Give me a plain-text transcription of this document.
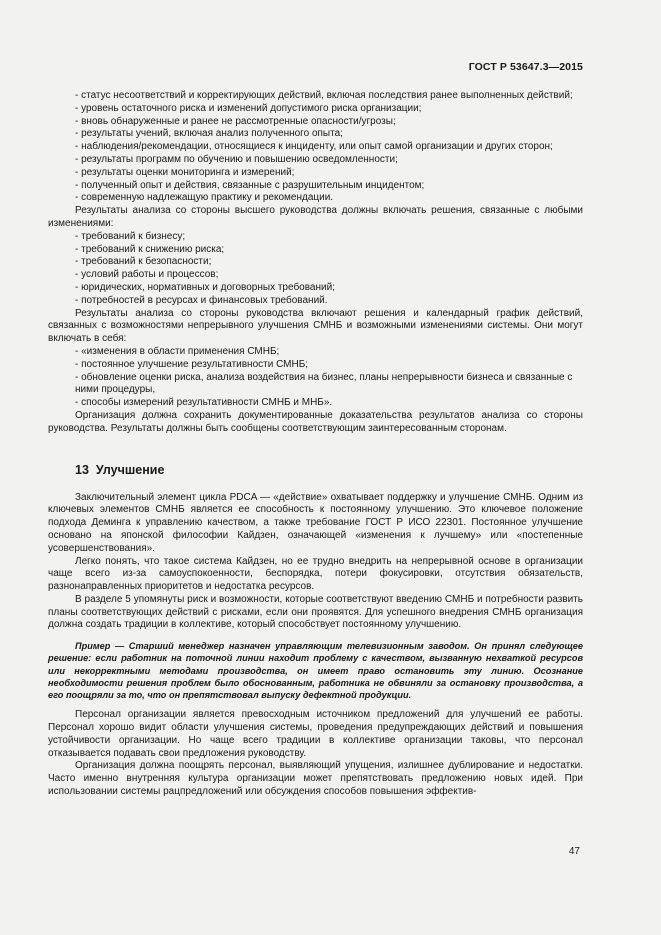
ГОСТ Р 53647.3—2015

- статус несоответствий и корректирующих действий, включая последствия ранее выполненных действий;

- уровень остаточного риска и изменений допустимого риска организации;

- вновь обнаруженные и ранее не рассмотренные опасности/угрозы;

- результаты учений, включая анализ полученного опыта;

- наблюдения/рекомендации, относящиеся к инциденту, или опыт самой организации и других сторон;

- результаты программ по обучению и повышению осведомленности;

- результаты оценки мониторинга и измерений;

- полученный опыт и действия, связанные с разрушительным инцидентом;

- современную надлежащую практику и рекомендации.

Результаты анализа со стороны высшего руководства должны включать решения, связанные с любыми изменениями:

- требований к бизнесу;

- требований к снижению риска;

- требований к безопасности;

- условий работы и процессов;

- юридических, нормативных и договорных требований;

- потребностей в ресурсах и финансовых требований.

Результаты анализа со стороны руководства включают решения и календарный график действий, связанных с возможностями непрерывного улучшения СМНБ и возможными изменениями системы. Они могут включать в себя:

- «изменения в области применения СМНБ;

- постоянное улучшение результативности СМНБ;

- обновление оценки риска, анализа воздействия на бизнес, планы непрерывности бизнеса и связанные с ними процедуры,

- способы измерений результативности СМНБ и МНБ».

Организация должна сохранить документированные доказательства результатов анализа со стороны руководства. Результаты должны быть сообщены соответствующим заинтересованным сторонам.

13 Улучшение

Заключительный элемент цикла PDCA — «действие» охватывает поддержку и улучшение СМНБ. Одним из ключевых элементов СМНБ является ее способность к постоянному улучшению. Это ключевое положение подхода Деминга к управлению качеством, а также требование ГОСТ Р ИСО 22301. Постоянное улучшение основано на японской философии Кайдзен, означающей «изменения к лучшему» или «постепенные усовершенствования».

Легко понять, что такое система Кайдзен, но ее трудно внедрить на непрерывной основе в организации чаще всего из-за самоуспокоенности, беспорядка, потери фокусировки, отсутствия обязательств, разнонаправленных приоритетов и недостатка ресурсов.

В разделе 5 упомянуты риск и возможности, которые соответствуют введению СМНБ и потребности развить планы соответствующих действий с рисками, если они проявятся. Для успешного внедрения СМНБ организация должна создать традиции в коллективе, который способствует постоянному улучшению.

Пример — Старший менеджер назначен управляющим телевизионным заводом. Он принял следующее решение: если работник на поточной линии находит проблему с качеством, вызванную нехваткой ресурсов или некорректными методами производства, он имеет право остановить эту линию. Осознание необходимости решения проблем было обоснованным, работника не обвиняли за остановку производства, а его поощряли за то, что он препятствовал выпуску дефектной продукции.

Персонал организации является превосходным источником предложений для улучшений ее работы. Персонал хорошо видит области улучшения системы, проведения предупреждающих действий и повышения устойчивости организации. Но чаще всего традиции в коллективе организации таковы, что персонал отказывается подавать свои предложения руководству.

Организация должна поощрять персонал, выявляющий упущения, излишнее дублирование и недостатки. Часто именно внутренняя культура организации может препятствовать предложению новых идей. При использовании системы рацпредложений или обсуждения способов повышения эффектив-

47
